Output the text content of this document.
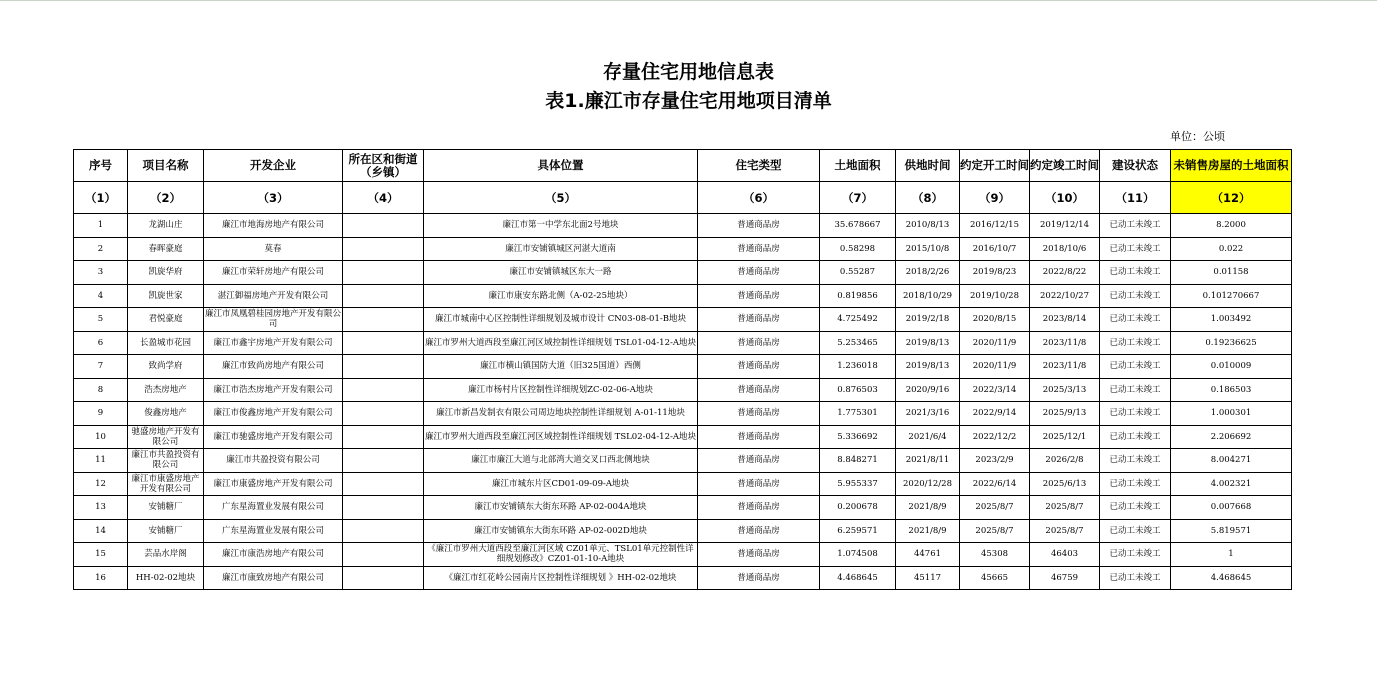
存量住宅用地信息表
表1.廉江市存量住宅用地项目清单
单位：公顷
序号	项目名称	开发企业	所在区和街道（乡镇）	具体位置	住宅类型	土地面积	供地时间	约定开工时间	约定竣工时间	建设状态	未销售房屋的土地面积
（1）	（2）	（3）	（4）	（5）	（6）	（7）	（8）	（9）	（10）	（11）	（12）
1	龙湖山庄	廉江市地海房地产有限公司		廉江市第一中学东北面2号地块	普通商品房	35.678667	2010/8/13	2016/12/15	2019/12/14	已动工未竣工	8.2000
2	春晖豪庭	莫春		廉江市安铺镇城区河湛大道南	普通商品房	0.58298	2015/10/8	2016/10/7	2018/10/6	已动工未竣工	0.022
3	凯旋华府	廉江市荣轩房地产有限公司		廉江市安铺镇城区东大一路	普通商品房	0.55287	2018/2/26	2019/8/23	2022/8/22	已动工未竣工	0.01158
4	凯旋世家	湛江御福房地产开发有限公司		廉江市康安东路北侧（A-02-25地块）	普通商品房	0.819856	2018/10/29	2019/10/28	2022/10/27	已动工未竣工	0.101270667
5	君悦豪庭	廉江市凤凰碧桂园房地产开发有限公司		廉江市城南中心区控制性详细规划及城市设计 CN03-08-01-B地块	普通商品房	4.725492	2019/2/18	2020/8/15	2023/8/14	已动工未竣工	1.003492
6	长盈城市花园	廉江市鑫宇房地产开发有限公司		廉江市罗州大道西段至廉江河区域控制性详细规划 TSL01-04-12-A地块	普通商品房	5.253465	2019/8/13	2020/11/9	2023/11/8	已动工未竣工	0.19236625
7	致尚学府	廉江市致尚房地产有限公司		廉江市横山镇国防大道（旧325国道）西侧	普通商品房	1.236018	2019/8/13	2020/11/9	2023/11/8	已动工未竣工	0.010009
8	浩杰房地产	廉江市浩杰房地产开发有限公司		廉江市杨村片区控制性详细规划ZC-02-06-A地块	普通商品房	0.876503	2020/9/16	2022/3/14	2025/3/13	已动工未竣工	0.186503
9	俊鑫房地产	廉江市俊鑫房地产开发有限公司		廉江市新昌发制衣有限公司周边地块控制性详细规划 A-01-11地块	普通商品房	1.775301	2021/3/16	2022/9/14	2025/9/13	已动工未竣工	1.000301
10	驰盛房地产开发有限公司	廉江市驰盛房地产开发有限公司		廉江市罗州大道西段至廉江河区域控制性详细规划 TSL02-04-12-A地块	普通商品房	5.336692	2021/6/4	2022/12/2	2025/12/1	已动工未竣工	2.206692
11	廉江市共盈投资有限公司	廉江市共盈投资有限公司		廉江市廉江大道与北部湾大道交叉口西北侧地块	普通商品房	8.848271	2021/8/11	2023/2/9	2026/2/8	已动工未竣工	8.004271
12	廉江市康盛房地产开发有限公司	廉江市康盛房地产开发有限公司		廉江市城东片区CD01-09-09-A地块	普通商品房	5.955337	2020/12/28	2022/6/14	2025/6/13	已动工未竣工	4.002321
13	安铺糖厂	广东星海置业发展有限公司		廉江市安铺镇东大街东环路 AP-02-004A地块	普通商品房	0.200678	2021/8/9	2025/8/7	2025/8/7	已动工未竣工	0.007668
14	安铺糖厂	广东星海置业发展有限公司		廉江市安铺镇东大街东环路 AP-02-002D地块	普通商品房	6.259571	2021/8/9	2025/8/7	2025/8/7	已动工未竣工	5.819571
15	芸品水岸阁	廉江市康浩房地产有限公司		《廉江市罗州大道西段至廉江河区域 CZ01单元、TSL01单元控制性详细规划修改》CZ01-01-10-A地块	普通商品房	1.074508	44761	45308	46403	已动工未竣工	1
16	HH-02-02地块	廉江市康致房地产有限公司		《廉江市红花岭公园南片区控制性详细规划 》HH-02-02地块	普通商品房	4.468645	45117	45665	46759	已动工未竣工	4.468645
